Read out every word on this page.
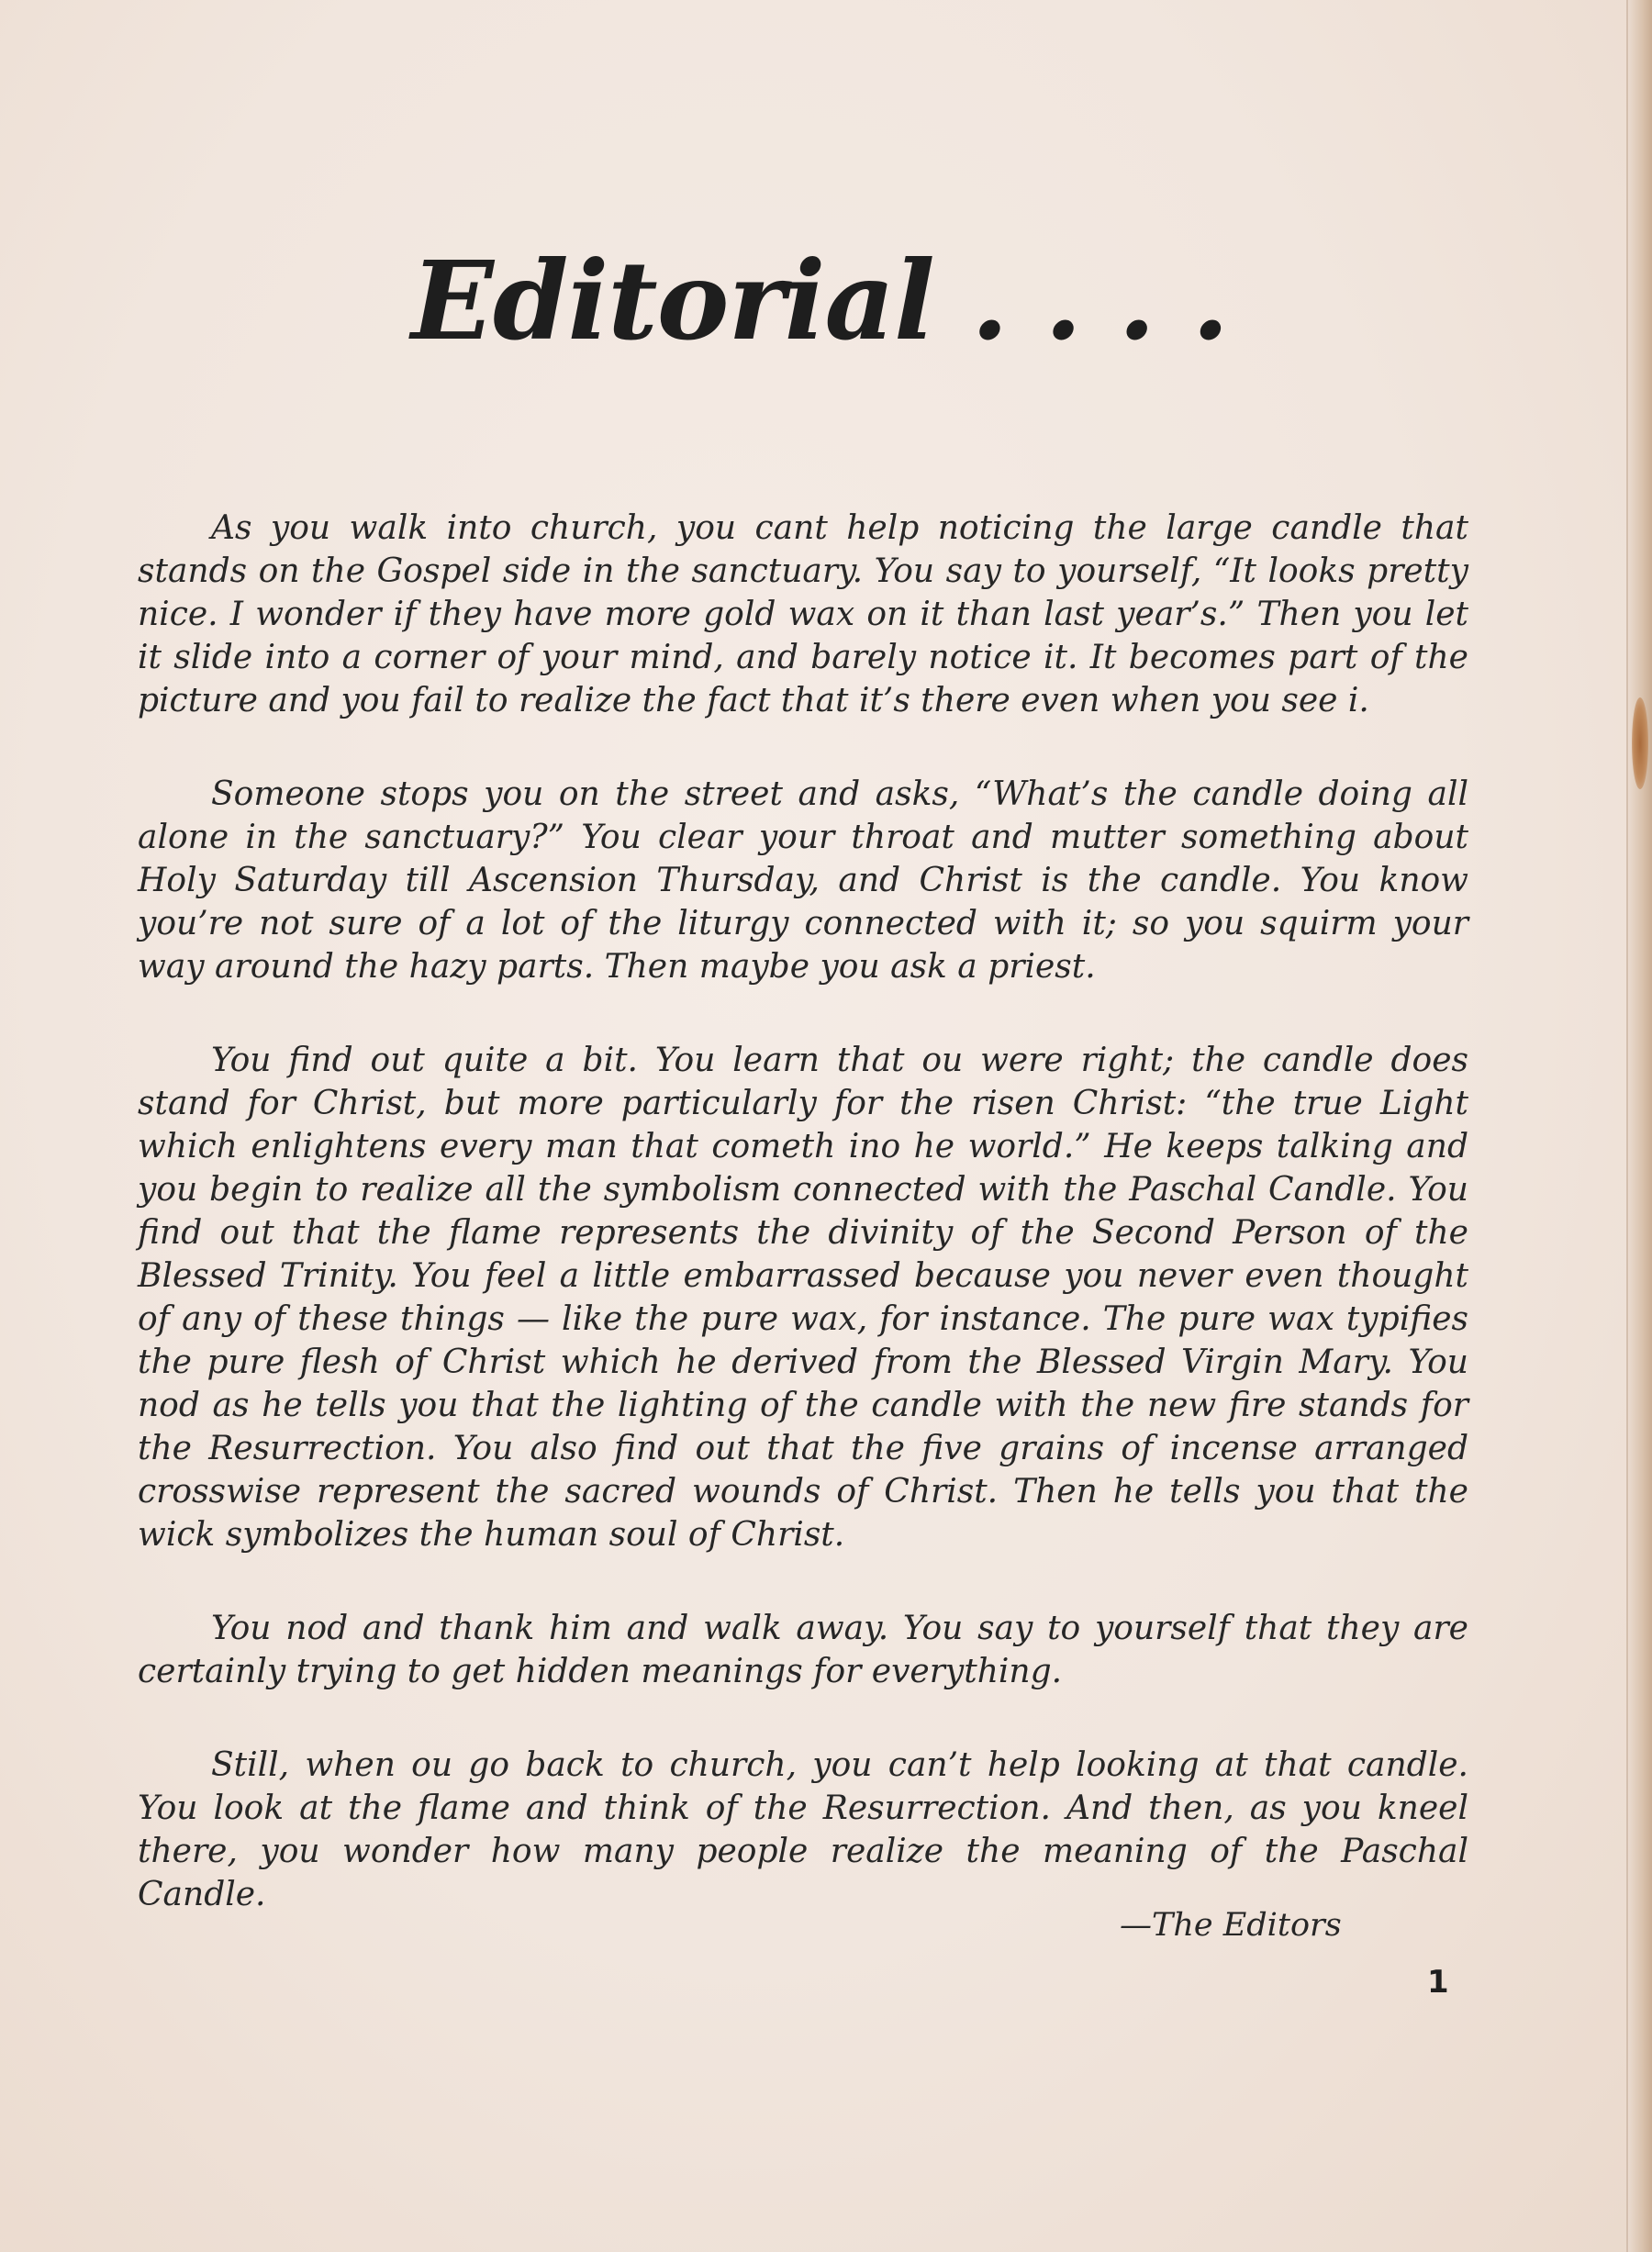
Editorial . . . .

As you walk into church, you cant help noticing the large candle that stands on the Gospel side in the sanctuary. You say to yourself, “It looks pretty nice. I wonder if they have more gold wax on it than last year’s.” Then you let it slide into a corner of your mind, and barely notice it. It becomes part of the picture and you fail to realize the fact that it’s there even when you see i.

Someone stops you on the street and asks, “What’s the candle doing all alone in the sanctuary?” You clear your throat and mutter something about Holy Saturday till Ascension Thursday, and Christ is the candle. You know you’re not sure of a lot of the liturgy connected with it; so you squirm your way around the hazy parts. Then maybe you ask a priest.

You find out quite a bit. You learn that ou were right; the candle does stand for Christ, but more particularly for the risen Christ: “the true Light which enlightens every man that cometh ino he world.” He keeps talking and you begin to realize all the symbolism connected with the Paschal Candle. You find out that the flame represents the divinity of the Second Person of the Blessed Trinity. You feel a little embarrassed because you never even thought of any of these things — like the pure wax, for instance. The pure wax typifies the pure flesh of Christ which he derived from the Blessed Virgin Mary. You nod as he tells you that the lighting of the candle with the new fire stands for the Resurrection. You also find out that the five grains of incense arranged crosswise represent the sacred wounds of Christ. Then he tells you that the wick symbolizes the human soul of Christ.

You nod and thank him and walk away. You say to yourself that they are certainly trying to get hidden meanings for everything.

Still, when ou go back to church, you can’t help looking at that candle. You look at the flame and think of the Resurrection. And then, as you kneel there, you wonder how many people realize the meaning of the Paschal Candle.

—The Editors

1
